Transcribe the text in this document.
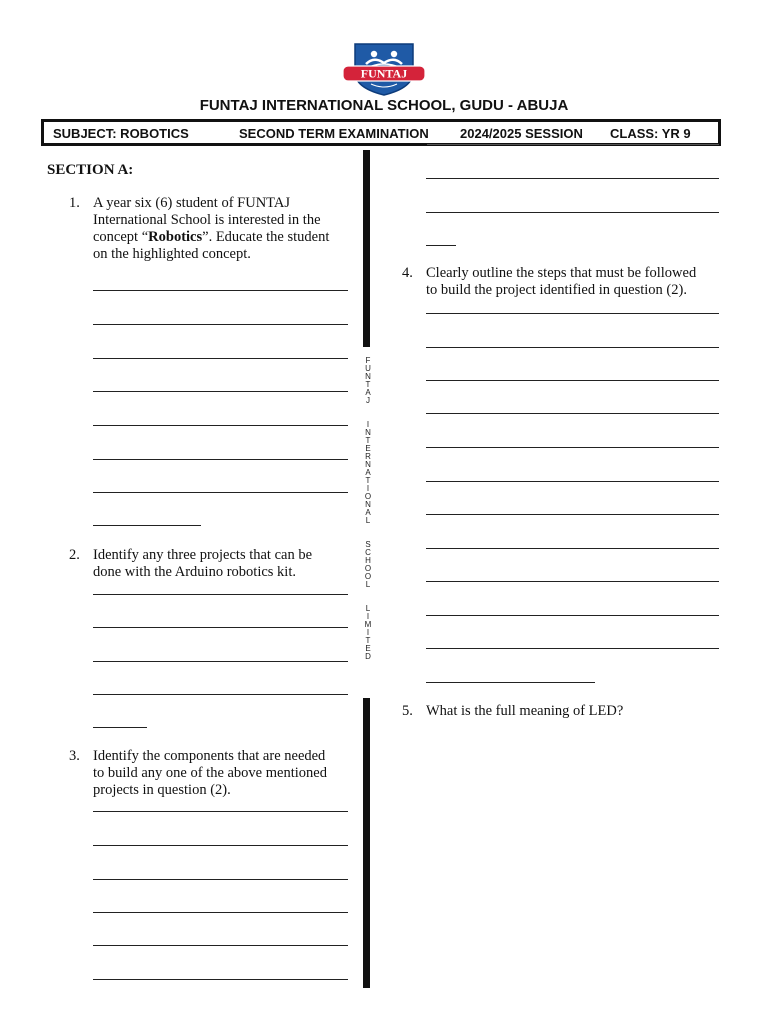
FUNTAJ
FUNTAJ INTERNATIONAL SCHOOL, GUDU - ABUJA
SUBJECT: ROBOTICS	SECOND TERM EXAMINATION 2024/2025 SESSION CLASS: YR 9
F
U
N
T
A
J

I
N
T
E
R
N
A
T
I
O
N
A
L

S
C
H
O
O
L

L
I
M
I
T
E
D
SECTION A:
1. A year six (6) student of FUNTAJ
International School is interested in the
concept “Robotics”. Educate the student
on the highlighted concept.
2. Identify any three projects that can be
done with the Arduino robotics kit.
3. Identify the components that are needed
to build any one of the above mentioned
projects in question (2).
4. Clearly outline the steps that must be followed
to build the project identified in question (2).
5. What is the full meaning of LED?
